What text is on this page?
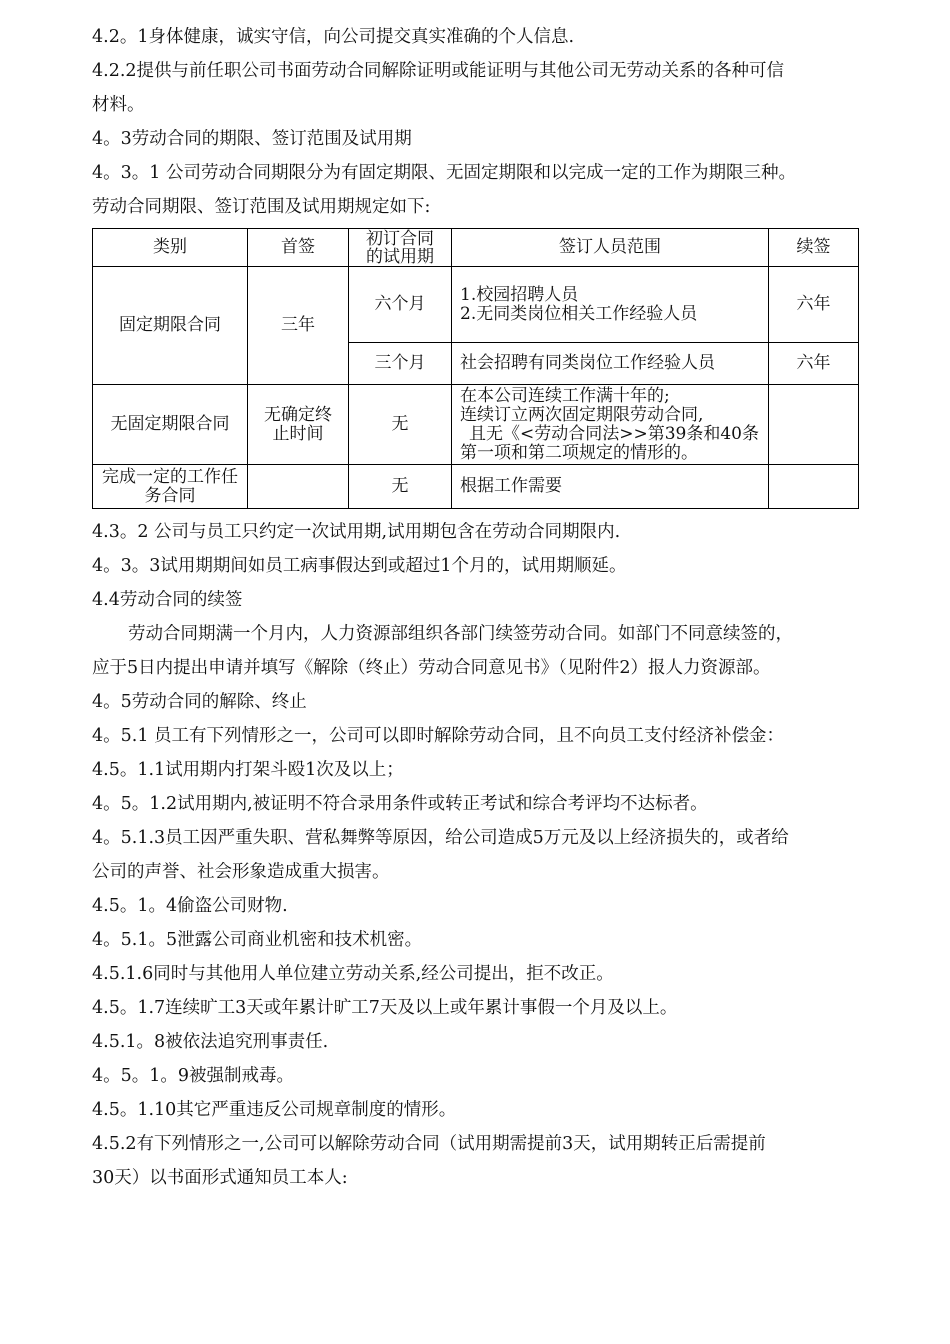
4.2。1身体健康，诚实守信，向公司提交真实准确的个人信息.
4.2.2提供与前任职公司书面劳动合同解除证明或能证明与其他公司无劳动关系的各种可信
材料。
4。3劳动合同的期限、签订范围及试用期
4。3。1 公司劳动合同期限分为有固定期限、无固定期限和以完成一定的工作为期限三种。
劳动合同期限、签订范围及试用期规定如下:
类别	首签	初订合同的试用期	签订人员范围	续签
固定期限合同	三年	六个月	1.校园招聘人员
2.无同类岗位相关工作经验人员	六年
		三个月	社会招聘有同类岗位工作经验人员	六年
无固定期限合同	无确定终止时间	无	在本公司连续工作满十年的;
连续订立两次固定期限劳动合同,
且无《<劳动合同法>>第39条和40条
第一项和第二项规定的情形的。	

完成一定的工作任务合同		无	根据工作需要	
4.3。2 公司与员工只约定一次试用期,试用期包含在劳动合同期限内.
4。3。3试用期期间如员工病事假达到或超过1个月的，试用期顺延。
4.4劳动合同的续签
劳动合同期满一个月内，人力资源部组织各部门续签劳动合同。如部门不同意续签的，
应于5日内提出申请并填写《解除（终止）劳动合同意见书》（见附件2）报人力资源部。
4。5劳动合同的解除、终止
4。5.1 员工有下列情形之一，公司可以即时解除劳动合同，且不向员工支付经济补偿金：
4.5。1.1试用期内打架斗殴1次及以上；
4。5。1.2试用期内,被证明不符合录用条件或转正考试和综合考评均不达标者。
4。5.1.3员工因严重失职、营私舞弊等原因，给公司造成5万元及以上经济损失的，或者给
公司的声誉、社会形象造成重大损害。
4.5。1。4偷盗公司财物.
4。5.1。5泄露公司商业机密和技术机密。
4.5.1.6同时与其他用人单位建立劳动关系,经公司提出，拒不改正。
4.5。1.7连续旷工3天或年累计旷工7天及以上或年累计事假一个月及以上。
4.5.1。8被依法追究刑事责任.
4。5。1。9被强制戒毒。
4.5。1.10其它严重违反公司规章制度的情形。
4.5.2有下列情形之一,公司可以解除劳动合同（试用期需提前3天，试用期转正后需提前
30天）以书面形式通知员工本人:
